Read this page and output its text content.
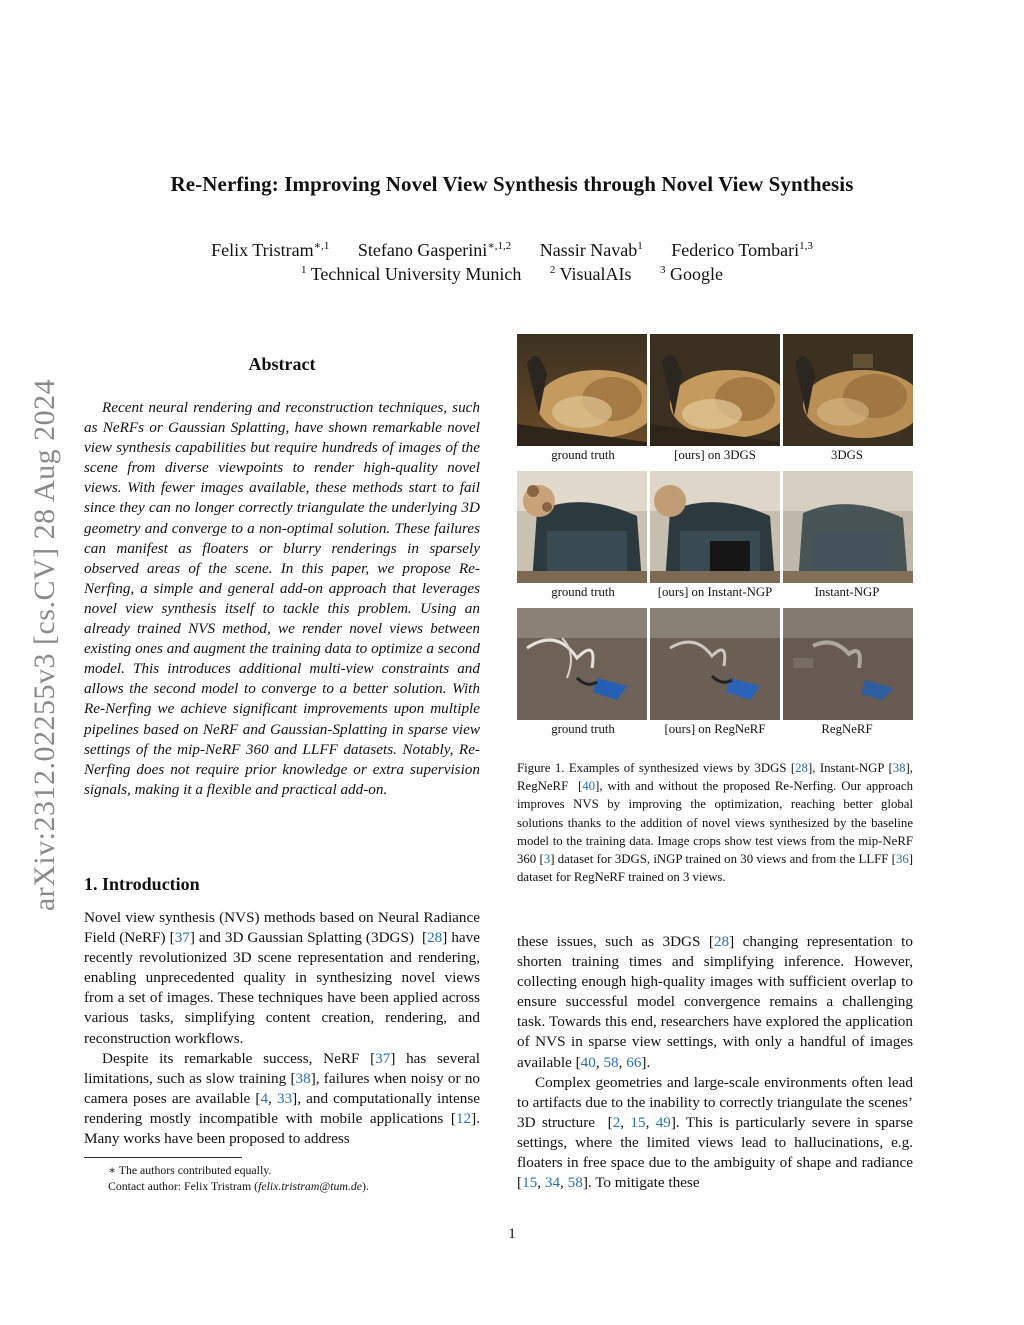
arXiv:2312.02255v3 [cs.CV] 28 Aug 2024
Re-Nerfing: Improving Novel View Synthesis through Novel View Synthesis
Felix Tristram$^{∗,1}$ Stefano Gasperini$^{∗,1,2}$ Nassir Navab$^1$ Federico Tombari$^{1,3}$
$^1$ Technical University Munich	$^2$ VisualAIs	$^3$ Google
Abstract
Recent neural rendering and reconstruction techniques, such as NeRFs or Gaussian Splatting, have shown remarkable novel view synthesis capabilities but require hundreds of images of the scene from diverse viewpoints to render high-quality novel views. With fewer images available, these methods start to fail since they can no longer correctly triangulate the underlying 3D geometry and converge to a non-optimal solution. These failures can manifest as floaters or blurry renderings in sparsely observed areas of the scene. In this paper, we propose Re-Nerfing, a simple and general add-on approach that leverages novel view synthesis itself to tackle this problem. Using an already trained NVS method, we render novel views between existing ones and augment the training data to optimize a second model. This introduces additional multi-view constraints and allows the second model to converge to a better solution. With Re-Nerfing we achieve significant improvements upon multiple pipelines based on NeRF and Gaussian-Splatting in sparse view settings of the mip-NeRF 360 and LLFF datasets. Notably, Re-Nerfing does not require prior knowledge or extra supervision signals, making it a flexible and practical add-on.
1. Introduction

Novel view synthesis (NVS) methods based on Neural Radiance Field (NeRF) [37] and 3D Gaussian Splatting (3DGS)  [28] have recently revolutionized 3D scene representation and rendering, enabling unprecedented quality in synthesizing novel views from a set of images. These techniques have been applied across various tasks, simplifying content creation, rendering, and reconstruction workflows.

Despite its remarkable success, NeRF [37] has several limitations, such as slow training [38], failures when noisy or no camera poses are available [4, 33], and computationally intense rendering mostly incompatible with mobile applications [12]. Many works have been proposed to address

∗ The authors contributed equally.
Contact author: Felix Tristram (felix.tristram@tum.de).
ground truth	[ours] on 3DGS	3DGS
ground truth	[ours] on Instant-NGP	Instant-NGP
ground truth	[ours] on RegNeRF	RegNeRF
Figure 1. Examples of synthesized views by 3DGS [28], Instant-NGP [38], RegNeRF  [40], with and without the proposed Re-Nerfing. Our approach improves NVS by improving the optimization, reaching better global solutions thanks to the addition of novel views synthesized by the baseline model to the training data. Image crops show test views from the mip-NeRF 360 [3] dataset for 3DGS, iNGP trained on 30 views and from the LLFF [36] dataset for RegNeRF trained on 3 views.

these issues, such as 3DGS [28] changing representation to shorten training times and simplifying inference. However, collecting enough high-quality images with sufficient overlap to ensure successful model convergence remains a challenging task. Towards this end, researchers have explored the application of NVS in sparse view settings, with only a handful of images available [40, 58, 66].

Complex geometries and large-scale environments often lead to artifacts due to the inability to correctly triangulate the scenes’ 3D structure  [2, 15, 49]. This is particularly severe in sparse settings, where the limited views lead to hallucinations, e.g. floaters in free space due to the ambiguity of shape and radiance [15, 34, 58]. To mitigate these

1
